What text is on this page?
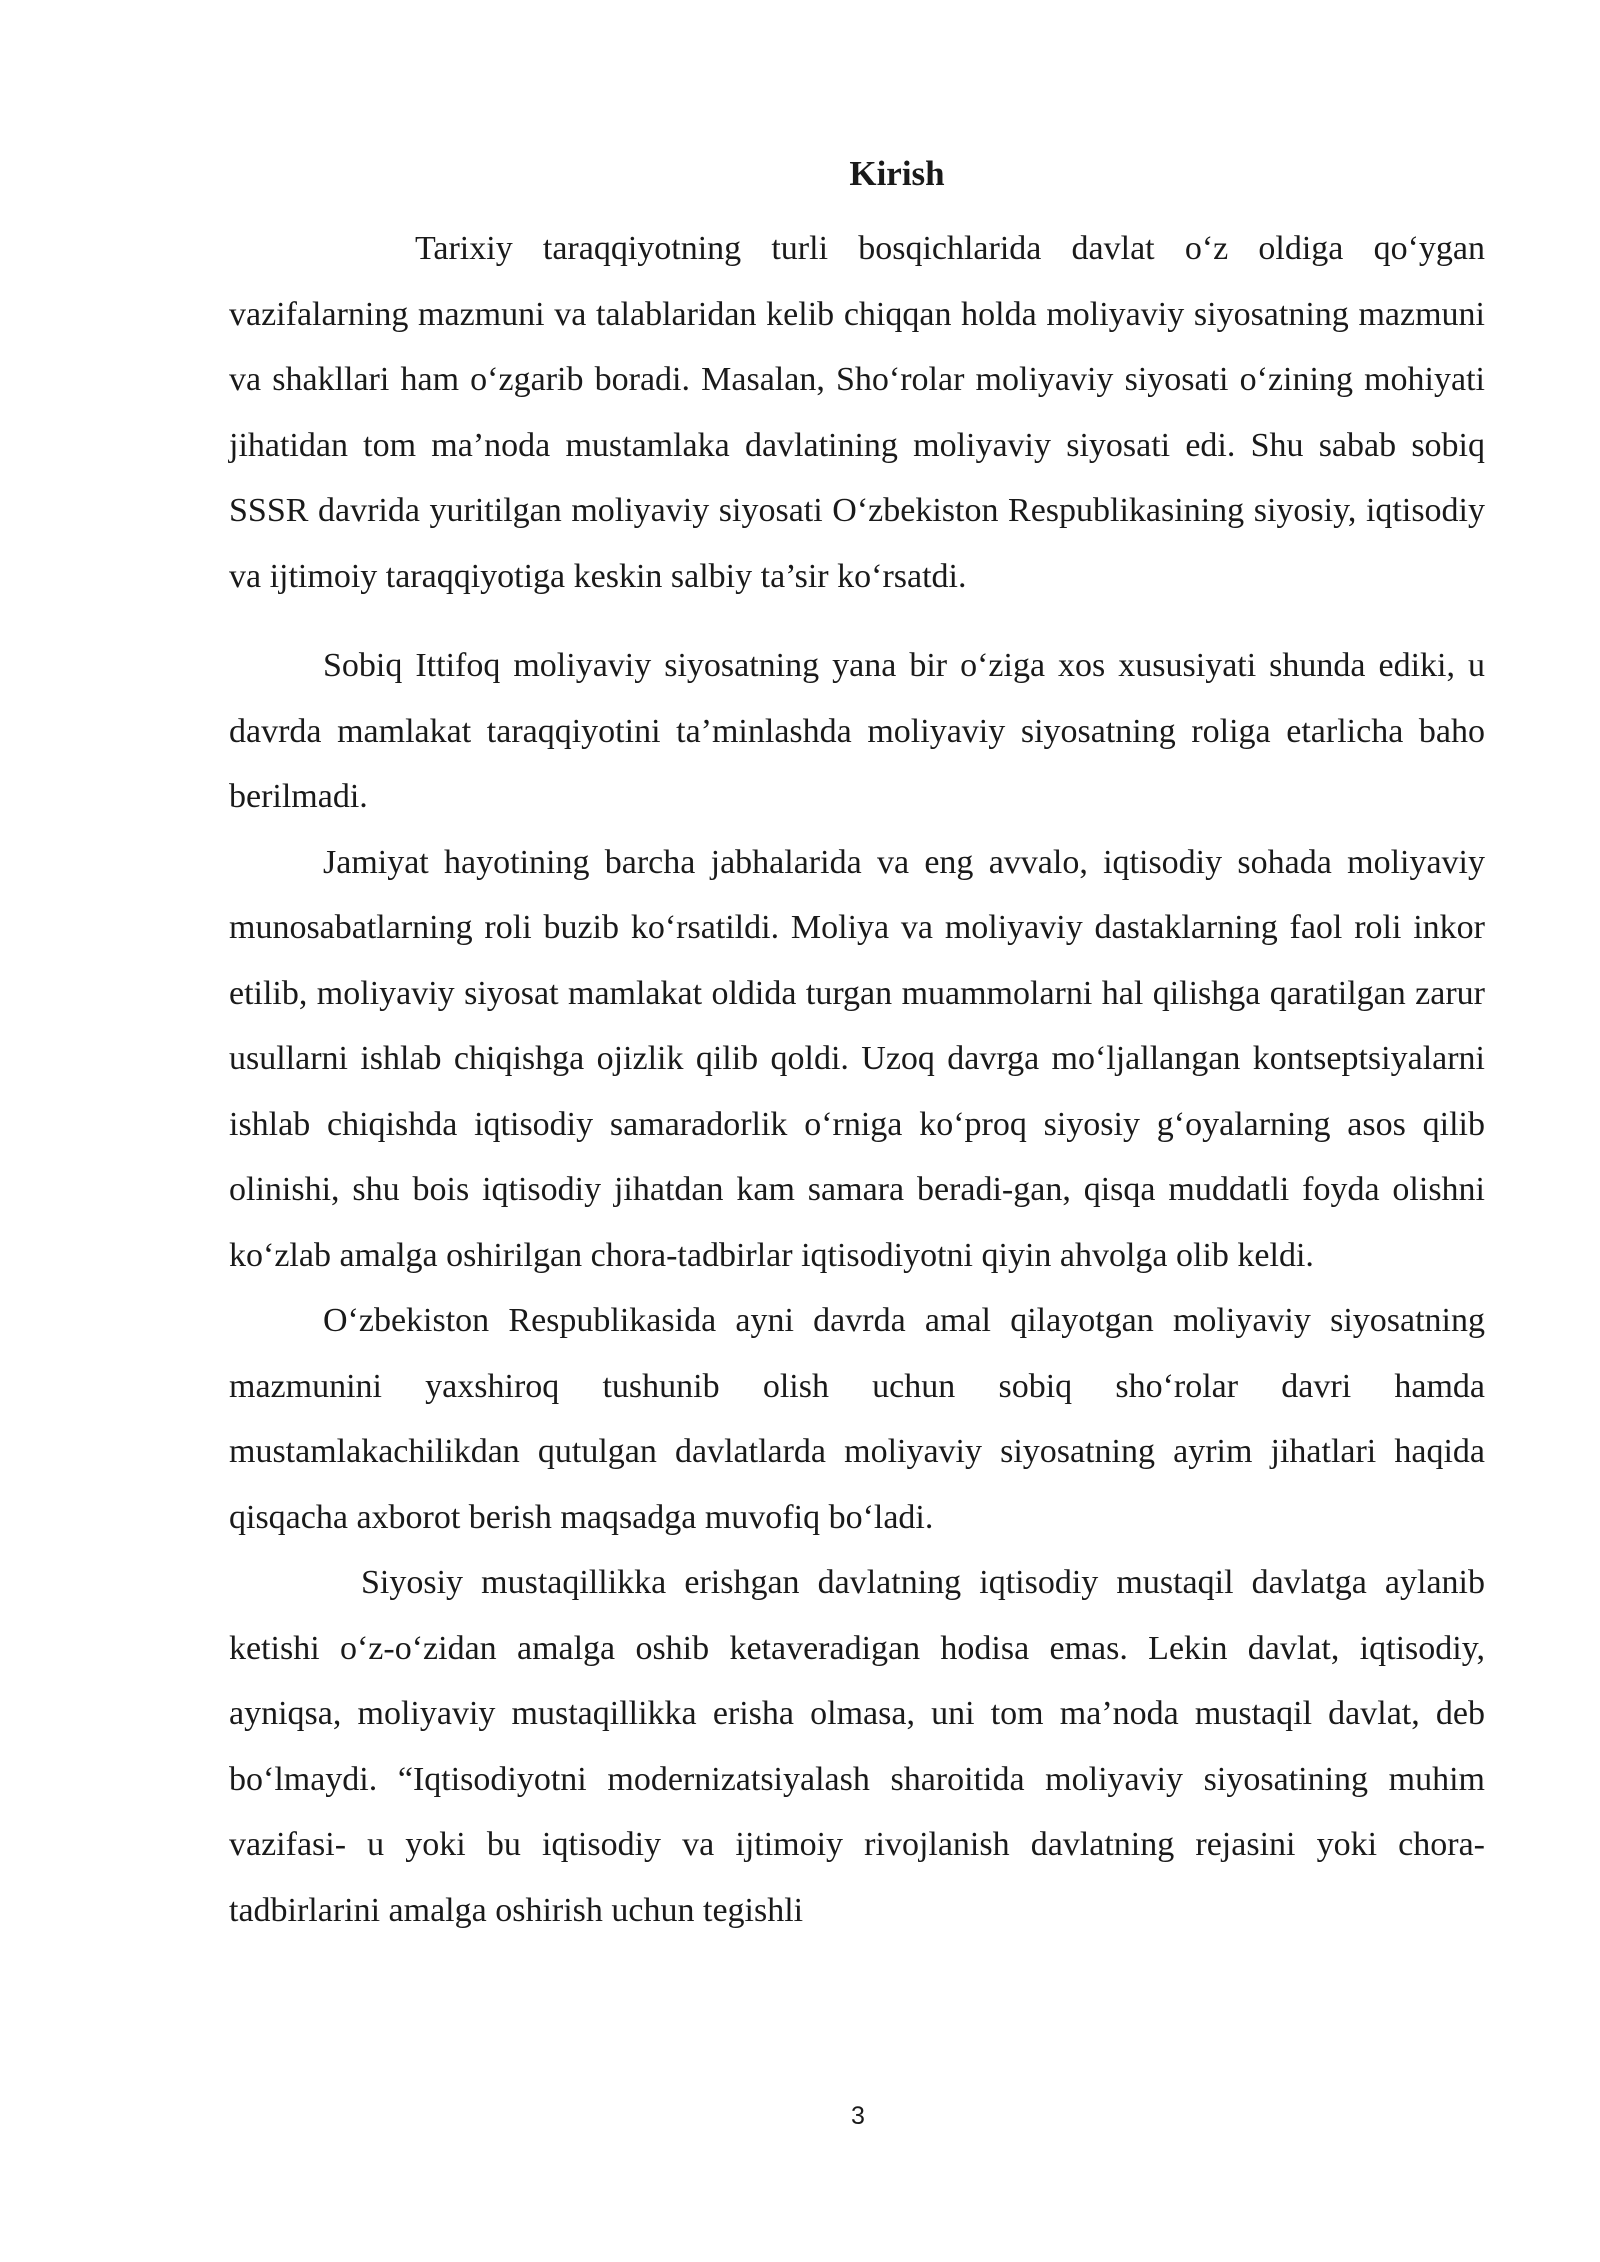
Kirish

Tarixiy taraqqiyotning turli bosqichlarida davlat o‘z oldiga qo‘ygan vazifalarning mazmuni va talablaridan kelib chiqqan holda moliyaviy siyosatning mazmuni va shakllari ham o‘zgarib boradi. Masalan, Sho‘rolar moliyaviy siyosati o‘zining mohiyati jihatidan tom ma’noda mustamlaka davlatining moliyaviy siyosati edi. Shu sabab sobiq SSSR davrida yuritilgan moliyaviy siyosati O‘zbekiston Respublikasining siyosiy, iqtisodiy va ijtimoiy taraqqiyotiga keskin salbiy ta’sir ko‘rsatdi.

Sobiq Ittifoq moliyaviy siyosatning yana bir o‘ziga xos xususiyati shunda ediki, u davrda mamlakat taraqqiyotini ta’minlashda moliyaviy siyosatning roliga etarlicha baho berilmadi.

Jamiyat hayotining barcha jabhalarida va eng avvalo, iqtisodiy sohada moliyaviy munosabatlarning roli buzib ko‘rsatildi. Moliya va moliyaviy dastaklarning faol roli inkor etilib, moliyaviy siyosat mamlakat oldida turgan muammolarni hal qilishga qaratilgan zarur usullarni ishlab chiqishga ojizlik qilib qoldi. Uzoq davrga mo‘ljallangan kontseptsiyalarni ishlab chiqishda iqtisodiy samaradorlik o‘rniga ko‘proq siyosiy g‘oyalarning asos qilib olinishi, shu bois iqtisodiy jihatdan kam samara beradi-gan, qisqa muddatli foyda olishni ko‘zlab amalga oshirilgan chora-tadbirlar iqtisodiyotni qiyin ahvolga olib keldi.

O‘zbekiston Respublikasida ayni davrda amal qilayotgan moliyaviy siyosatning mazmunini yaxshiroq tushunib olish uchun sobiq sho‘rolar davri hamda mustamlakachilikdan qutulgan davlatlarda moliyaviy siyosatning ayrim jihatlari haqida qisqacha axborot berish maqsadga muvofiq bo‘ladi.

Siyosiy mustaqillikka erishgan davlatning iqtisodiy mustaqil davlatga aylanib ketishi o‘z-o‘zidan amalga oshib ketaveradigan hodisa emas. Lekin davlat, iqtisodiy, ayniqsa, moliyaviy mustaqillikka erisha olmasa, uni tom ma’noda mustaqil davlat, deb bo‘lmaydi. “Iqtisodiyotni modernizatsiyalash sharoitida moliyaviy siyosatining muhim vazifasi- u yoki bu iqtisodiy va ijtimoiy rivojlanish davlatning rejasini yoki chora-tadbirlarini amalga oshirish uchun tegishli

3
